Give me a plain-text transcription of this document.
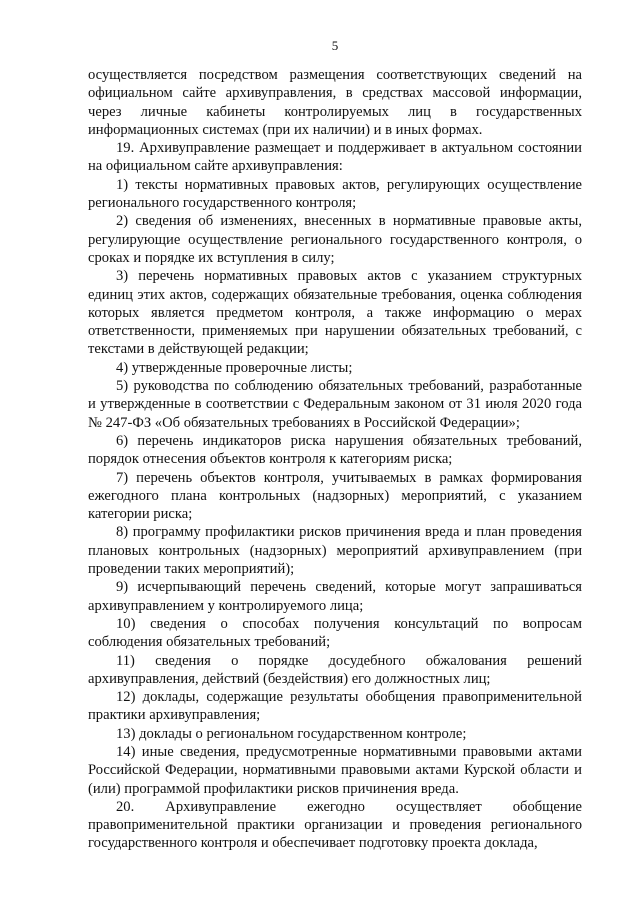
5

осуществляется посредством размещения соответствующих сведений на официальном сайте архивуправления, в средствах массовой информации, через личные кабинеты контролируемых лиц в государственных информационных системах (при их наличии) и в иных формах.

19. Архивуправление размещает и поддерживает в актуальном состоянии на официальном сайте архивуправления:

1) тексты нормативных правовых актов, регулирующих осуществление регионального государственного контроля;

2) сведения об изменениях, внесенных в нормативные правовые акты, регулирующие осуществление регионального государственного контроля, о сроках и порядке их вступления в силу;

3) перечень нормативных правовых актов с указанием структурных единиц этих актов, содержащих обязательные требования, оценка соблюдения которых является предметом контроля, а также информацию о мерах ответственности, применяемых при нарушении обязательных требований, с текстами в действующей редакции;

4) утвержденные проверочные листы;

5) руководства по соблюдению обязательных требований, разработанные и утвержденные в соответствии с Федеральным законом от 31 июля 2020 года № 247-ФЗ «Об обязательных требованиях в Российской Федерации»;

6) перечень индикаторов риска нарушения обязательных требований, порядок отнесения объектов контроля к категориям риска;

7) перечень объектов контроля, учитываемых в рамках формирования ежегодного плана контрольных (надзорных) мероприятий, с указанием категории риска;

8) программу профилактики рисков причинения вреда и план проведения плановых контрольных (надзорных) мероприятий архивуправлением (при проведении таких мероприятий);

9) исчерпывающий перечень сведений, которые могут запрашиваться архивуправлением у контролируемого лица;

10) сведения о способах получения консультаций по вопросам соблюдения обязательных требований;

11) сведения о порядке досудебного обжалования решений архивуправления, действий (бездействия) его должностных лиц;

12) доклады, содержащие результаты обобщения правоприменительной практики архивуправления;

13) доклады о региональном государственном контроле;

14) иные сведения, предусмотренные нормативными правовыми актами Российской Федерации, нормативными правовыми актами Курской области и (или) программой профилактики рисков причинения вреда.

20. Архивуправление ежегодно осуществляет обобщение правоприменительной практики организации и проведения регионального государственного контроля и обеспечивает подготовку проекта доклада,
